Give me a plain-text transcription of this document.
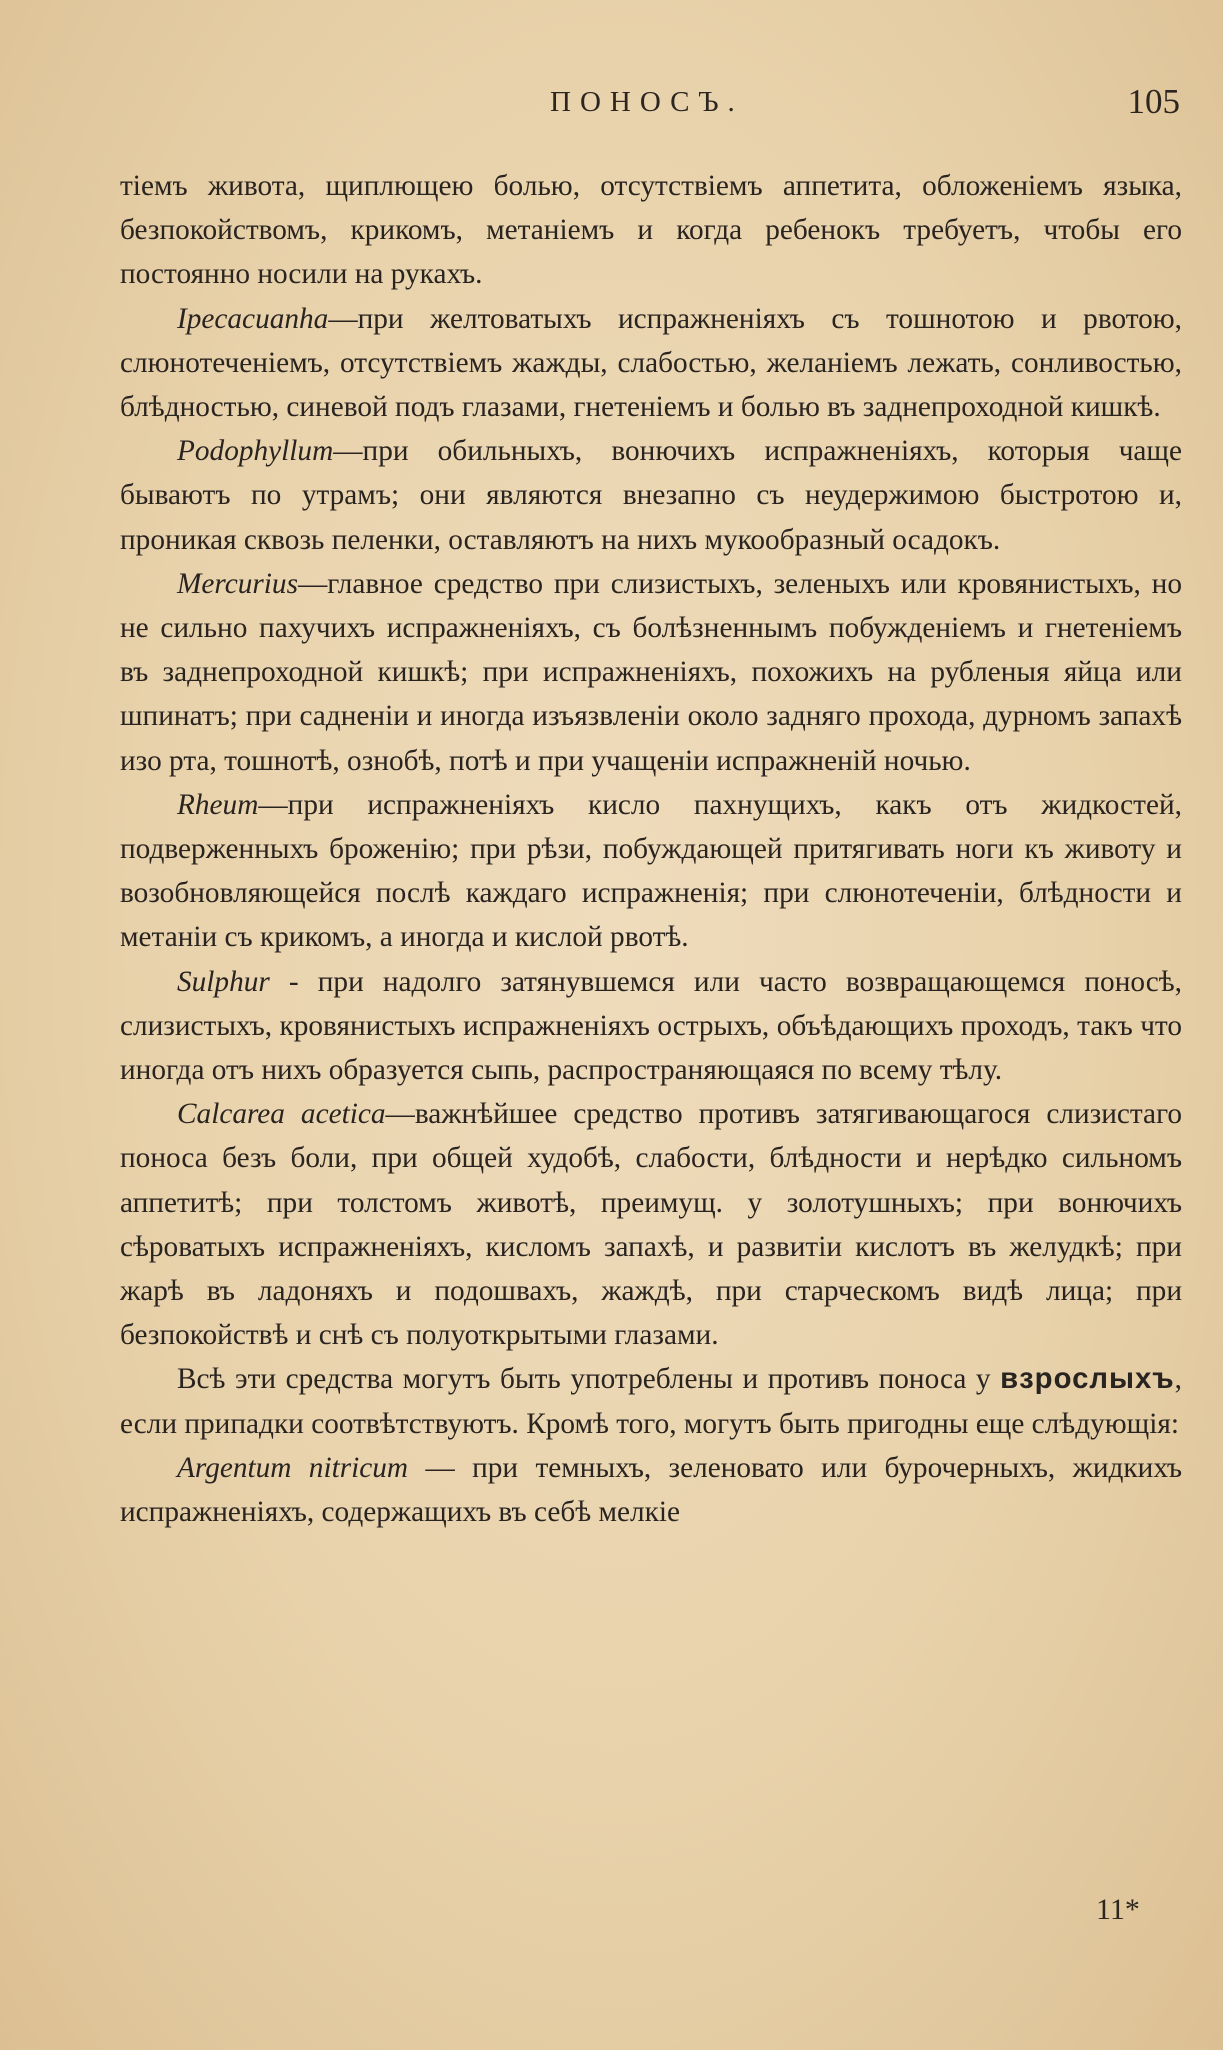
ПОНОСЪ.	105

тіемъ живота, щиплющею болью, отсутствіемъ аппетита, обложеніемъ языка, безпокойствомъ, крикомъ, метаніемъ и когда ребенокъ требуетъ, чтобы его постоянно носили на рукахъ.

Ipecacuanha—при желтоватыхъ испражненіяхъ съ тошнотою и рвотою, слюнотеченіемъ, отсутствіемъ жажды, слабостью, желаніемъ лежать, сонливостью, блѣдностью, синевой подъ глазами, гнетеніемъ и болью въ заднепроходной кишкѣ.

Podophyllum—при обильныхъ, вонючихъ испражненіяхъ, которыя чаще бываютъ по утрамъ; они являются внезапно съ неудержимою быстротою и, проникая сквозь пеленки, оставляютъ на нихъ мукообразный осадокъ.

Mercurius—главное средство при слизистыхъ, зеленыхъ или кровянистыхъ, но не сильно пахучихъ испражненіяхъ, съ болѣзненнымъ побужденіемъ и гнетеніемъ въ заднепроходной кишкѣ; при испражненіяхъ, похожихъ на рубленыя яйца или шпинатъ; при садненіи и иногда изъязвленіи около задняго прохода, дурномъ запахѣ изо рта, тошнотѣ, ознобѣ, потѣ и при учащеніи испражненій ночью.

Rheum—при испражненіяхъ кисло пахнущихъ, какъ отъ жидкостей, подверженныхъ броженію; при рѣзи, побуждающей притягивать ноги къ животу и возобновляющейся послѣ каждаго испражненія; при слюнотеченіи, блѣдности и метаніи съ крикомъ, а иногда и кислой рвотѣ.

Sulphur - при надолго затянувшемся или часто возвращающемся поносѣ, слизистыхъ, кровянистыхъ испражненіяхъ острыхъ, объѣдающихъ проходъ, такъ что иногда отъ нихъ образуется сыпь, распространяющаяся по всему тѣлу.

Calcarea acetica—важнѣйшее средство противъ затягивающагося слизистаго поноса безъ боли, при общей худобѣ, слабости, блѣдности и нерѣдко сильномъ аппетитѣ; при толстомъ животѣ, преимущ. у золотушныхъ; при вонючихъ сѣроватыхъ испражненіяхъ, кисломъ запахѣ, и развитіи кислотъ въ желудкѣ; при жарѣ въ ладоняхъ и подошвахъ, жаждѣ, при старческомъ видѣ лица; при безпокойствѣ и снѣ съ полуоткрытыми глазами.

Всѣ эти средства могутъ быть употреблены и противъ поноса у взрослыхъ, если припадки соотвѣтствуютъ. Кромѣ того, могутъ быть пригодны еще слѣдующія:

Argentum nitricum — при темныхъ, зеленовато или бурочерныхъ, жидкихъ испражненіяхъ, содержащихъ въ себѣ мелкіе

11*
